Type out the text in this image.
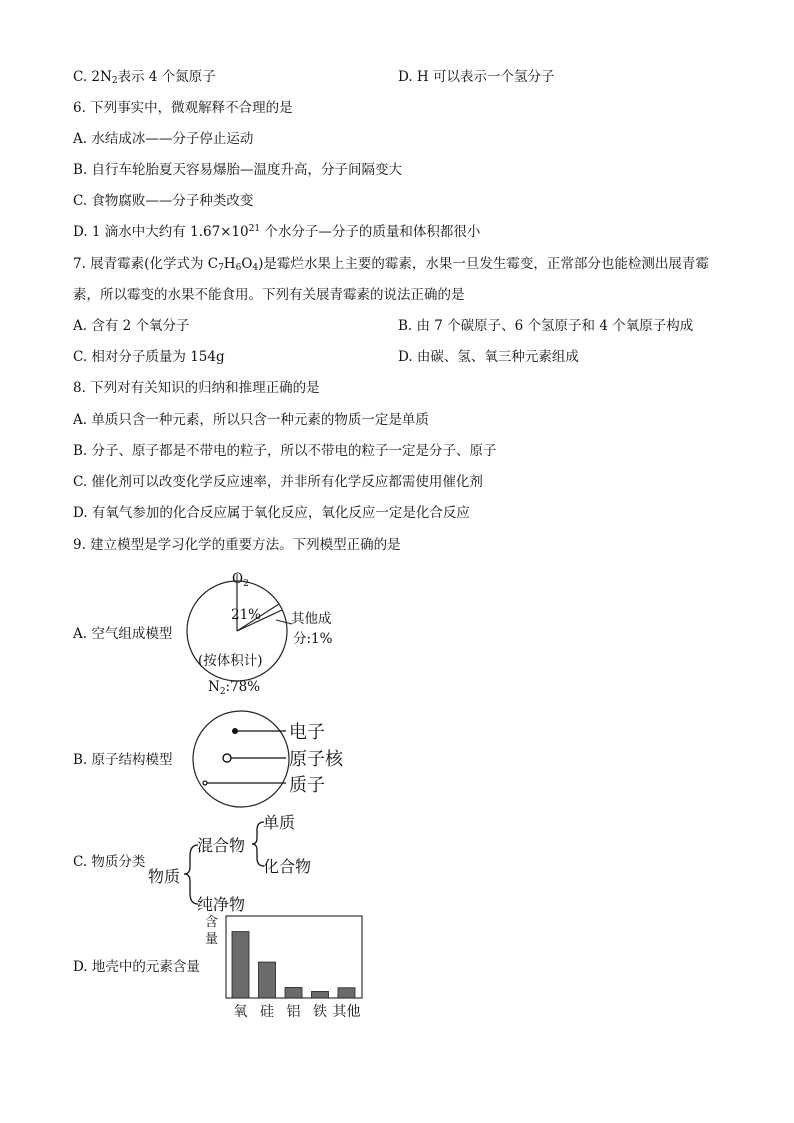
C. $2N_2$表示 4 个氮原子	D. H 可以表示一个氢分子
6. 下列事实中，微观解释不合理的是
A. 水结成冰——分子停止运动
B. 自行车轮胎夏天容易爆胎—温度升高，分子间隔变大
C. 食物腐败——分子种类改变
D. 1 滴水中大约有 $1.67\times 10^{21}$ 个水分子—分子的质量和体积都很小
7. 展青霉素(化学式为 $C_7H_6O_4$)是霉烂水果上主要的霉素，水果一旦发生霉变，正常部分也能检测出展青霉
素，所以霉变的水果不能食用。下列有关展青霉素的说法正确的是
A. 含有 2 个氧分子	B. 由 7 个碳原子、6 个氢原子和 4 个氧原子构成
C. 相对分子质量为 154g	D. 由碳、氢、氧三种元素组成
8. 下列对有关知识的归纳和推理正确的是
A. 单质只含一种元素，所以只含一种元素的物质一定是单质
B. 分子、原子都是不带电的粒子，所以不带电的粒子一定是分子、原子
C. 催化剂可以改变化学反应速率，并非所有化学反应都需使用催化剂
D. 有氧气参加的化合反应属于氧化反应，氧化反应一定是化合反应
9. 建立模型是学习化学的重要方法。下列模型正确的是
A. 空气组成模型
$O_2$
21% 其他成
分:1%
(按体积计)
$N_2:78\%$
B. 原子结构模型
电子
原子核
质子
C. 物质分类
物质
混合物
纯净物
单质
化合物
D. 地壳中的元素含量
含
量
氧 硅 铝 铁 其他
